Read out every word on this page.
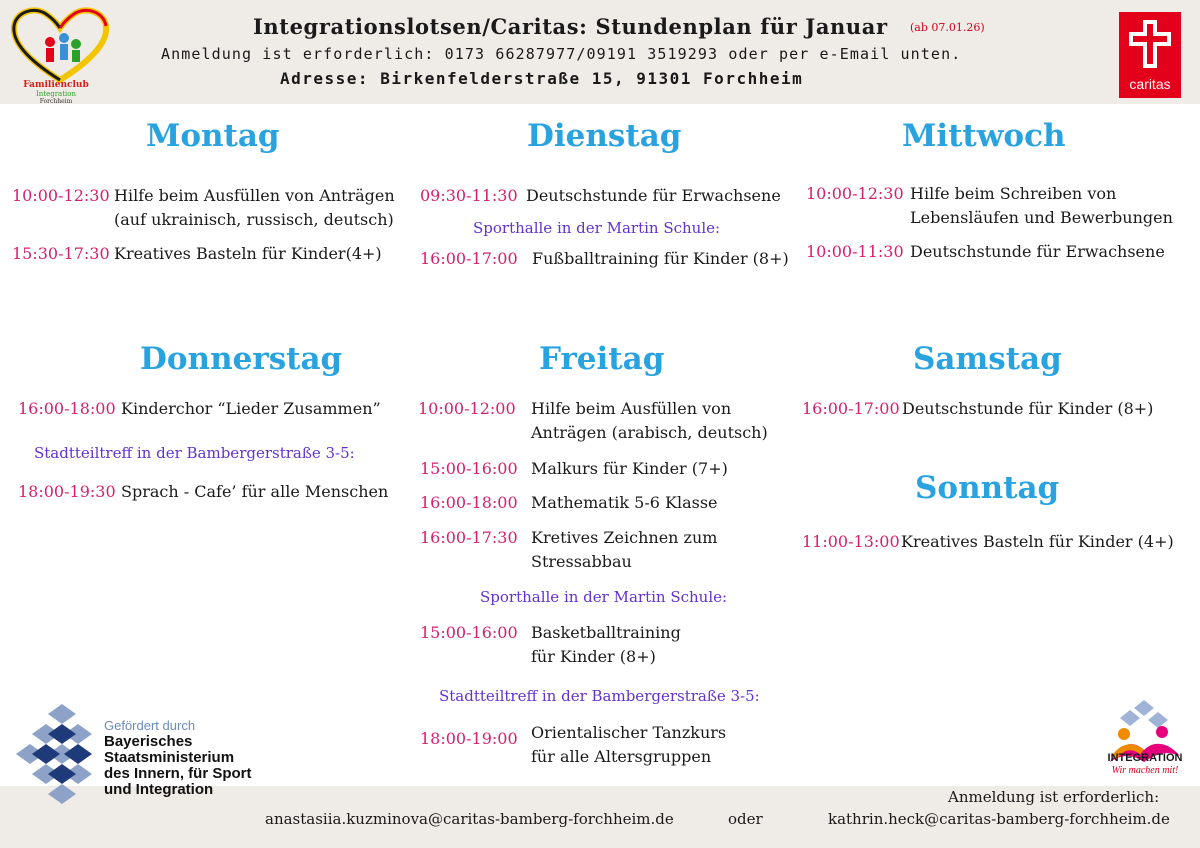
Familienclub
Integration
Forchheim
Integrationslotsen/Caritas: Stundenplan für Januar (ab 07.01.26)
Anmeldung ist erforderlich: 0173 66287977/09191 3519293 oder per e-Email unten.
Adresse: Birkenfelderstraße 15, 91301 Forchheim	caritas
Montag	Dienstag	Mittwoch
Donnerstag	Freitag	Samstag
Sonntag
10:00-12:30 Hilfe beim Ausfüllen von Anträgen
(auf ukrainisch, russisch, deutsch)
15:30-17:30 Kreatives Basteln für Kinder(4+)
09:30-11:30 Deutschstunde für Erwachsene
Sporthalle in der Martin Schule:
16:00-17:00 Fußballtraining für Kinder (8+)
10:00-12:30 Hilfe beim Schreiben von
Lebensläufen und Bewerbungen
10:00-11:30 Deutschstunde für Erwachsene
16:00-18:00 Kinderchor “Lieder Zusammen”
Stadtteiltreff in der Bambergerstraße 3-5:
18:00-19:30 Sprach - Cafe’ für alle Menschen
10:00-12:00 Hilfe beim Ausfüllen von
Anträgen (arabisch, deutsch)
15:00-16:00 Malkurs für Kinder (7+)
16:00-18:00 Mathematik 5-6 Klasse
16:00-17:30 Kretives Zeichnen zum
Stressabbau
Sporthalle in der Martin Schule:
15:00-16:00 Basketballtraining
für Kinder (8+)
Stadtteiltreff in der Bambergerstraße 3-5:
18:00-19:00 Orientalischer Tanzkurs
für alle Altersgruppen
16:00-17:00 Deutschstunde für Kinder (8+)
11:00-13:00 Kreatives Basteln für Kinder (4+)
Gefördert durch
Bayerisches
Staatsministerium
des Innern, für Sport
und Integration
INTEGRATION
Wir machen mit!
Anmeldung ist erforderlich:
anastasiia.kuzminova@caritas-bamberg-forchheim.de	oder	kathrin.heck@caritas-bamberg-forchheim.de
